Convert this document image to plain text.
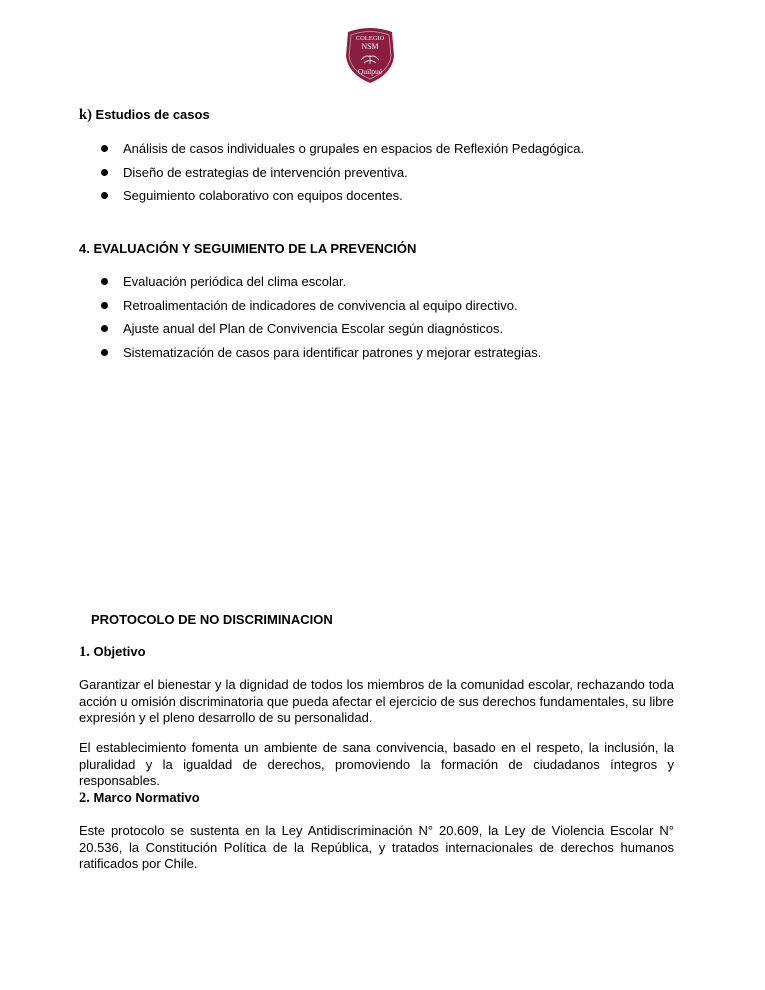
COLEGIO
NSM
Quilpué

k) Estudios de casos

Análisis de casos individuales o grupales en espacios de Reflexión Pedagógica.
Diseño de estrategias de intervención preventiva.
Seguimiento colaborativo con equipos docentes.

4. EVALUACIÓN Y SEGUIMIENTO DE LA PREVENCIÓN

Evaluación periódica del clima escolar.
Retroalimentación de indicadores de convivencia al equipo directivo.
Ajuste anual del Plan de Convivencia Escolar según diagnósticos.
Sistematización de casos para identificar patrones y mejorar estrategias.

PROTOCOLO DE NO DISCRIMINACION

1. Objetivo

Garantizar el bienestar y la dignidad de todos los miembros de la comunidad escolar, rechazando toda acción u omisión discriminatoria que pueda afectar el ejercicio de sus derechos fundamentales, su libre expresión y el pleno desarrollo de su personalidad.

El establecimiento fomenta un ambiente de sana convivencia, basado en el respeto, la inclusión, la pluralidad y la igualdad de derechos, promoviendo la formación de ciudadanos íntegros y responsables.

2. Marco Normativo

Este protocolo se sustenta en la Ley Antidiscriminación N° 20.609, la Ley de Violencia Escolar N° 20.536, la Constitución Política de la República, y tratados internacionales de derechos humanos ratificados por Chile.
